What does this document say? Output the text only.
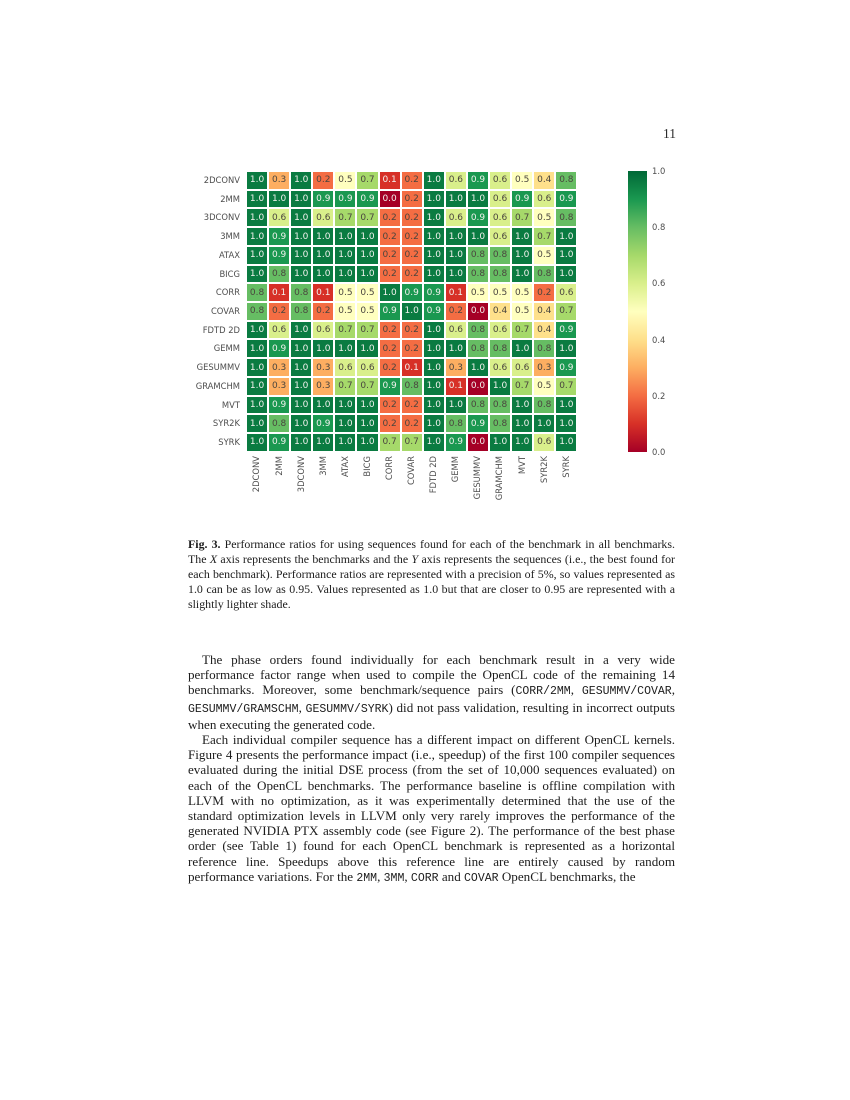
11
2DCONV	1.0 0.3 1.0 0.2 0.5 0.7 0.1 0.2 1.0 0.6 0.9 0.6 0.5 0.4 0.8
2MM	1.0 1.0 1.0 0.9 0.9 0.9 0.0 0.2 1.0 1.0 1.0 0.6 0.9 0.6 0.9
3DCONV	1.0 0.6 1.0 0.6 0.7 0.7 0.2 0.2 1.0 0.6 0.9 0.6 0.7 0.5 0.8
3MM	1.0 0.9 1.0 1.0 1.0 1.0 0.2 0.2 1.0 1.0 1.0 0.6 1.0 0.7 1.0
ATAX	1.0 0.9 1.0 1.0 1.0 1.0 0.2 0.2 1.0 1.0 0.8 0.8 1.0 0.5 1.0
BICG	1.0 0.8 1.0 1.0 1.0 1.0 0.2 0.2 1.0 1.0 0.8 0.8 1.0 0.8 1.0
CORR	0.8 0.1 0.8 0.1 0.5 0.5 1.0 0.9 0.9 0.1 0.5 0.5 0.5 0.2 0.6
COVAR	0.8 0.2 0.8 0.2 0.5 0.5 0.9 1.0 0.9 0.2 0.0 0.4 0.5 0.4 0.7
FDTD 2D	1.0 0.6 1.0 0.6 0.7 0.7 0.2 0.2 1.0 0.6 0.8 0.6 0.7 0.4 0.9
GEMM	1.0 0.9 1.0 1.0 1.0 1.0 0.2 0.2 1.0 1.0 0.8 0.8 1.0 0.8 1.0
GESUMMV	1.0 0.3 1.0 0.3 0.6 0.6 0.2 0.1 1.0 0.3 1.0 0.6 0.6 0.3 0.9
GRAMCHM	1.0 0.3 1.0 0.3 0.7 0.7 0.9 0.8 1.0 0.1 0.0 1.0 0.7 0.5 0.7
MVT	1.0 0.9 1.0 1.0 1.0 1.0 0.2 0.2 1.0 1.0 0.8 0.8 1.0 0.8 1.0
SYR2K	1.0 0.8 1.0 0.9 1.0 1.0 0.2 0.2 1.0 0.8 0.9 0.8 1.0 1.0 1.0
SYRK	1.0 0.9 1.0 1.0 1.0 1.0 0.7 0.7 1.0 0.9 0.0 1.0 1.0 0.6 1.0
2DCONV 2MM 3DCONV 3MM ATAX BICG CORR COVAR FDTD 2D GEMM GESUMMV GRAMCHM MVT SYR2K SYRK
1.0
0.8
0.6
0.4
0.2
0.0
Fig. 3. Performance ratios for using sequences found for each of the benchmark in all benchmarks. The X axis represents the benchmarks and the Y axis represents the sequences (i.e., the best found for each benchmark). Performance ratios are represented with a precision of 5%, so values represented as 1.0 can be as low as 0.95. Values represented as 1.0 but that are closer to 0.95 are represented with a slightly lighter shade.

The phase orders found individually for each benchmark result in a very wide performance factor range when used to compile the OpenCL code of the remaining 14 benchmarks. Moreover, some benchmark/sequence pairs (CORR/2MM, GESUMMV/COVAR, GESUMMV/GRAMSCHM, GESUMMV/SYRK) did not pass validation, resulting in incorrect outputs when executing the generated code.

Each individual compiler sequence has a different impact on different OpenCL kernels. Figure 4 presents the performance impact (i.e., speedup) of the first 100 compiler sequences evaluated during the initial DSE process (from the set of 10,000 sequences evaluated) on each of the OpenCL benchmarks. The performance baseline is offline compilation with LLVM with no optimization, as it was experimentally determined that the use of the standard optimization levels in LLVM only very rarely improves the performance of the generated NVIDIA PTX assembly code (see Figure 2). The performance of the best phase order (see Table 1) found for each OpenCL benchmark is represented as a horizontal reference line. Speedups above this reference line are entirely caused by random performance variations. For the 2MM, 3MM, CORR and COVAR OpenCL benchmarks, the
